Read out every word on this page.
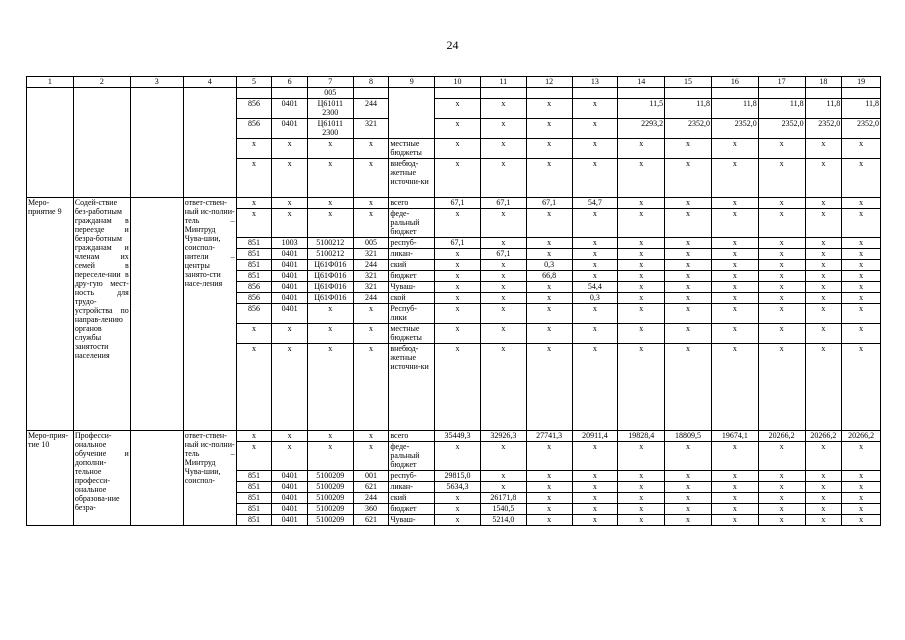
24
1	2	3	4	5	6	7	8	9	10	11	12	13	14	15	16	17	18	19
						005												
				856	0401	Ц61011 2300	244		x	x	x	x	11,5	11,8	11,8	11,8	11,8	11,8
				856	0401	Ц61011 2300	321		x	x	x	x	2293,2	2352,0	2352,0	2352,0	2352,0	2352,0
				x	x	x	x	местные бюджеты	x	x	x	x	x	x	x	x	x	x
				x	x	x	x	внебюд-жетные источни-ки	x	x	x	x	x	x	x	x	x	x
Меро-приятие 9	Содей-ствие без-работным гражданам в переезде и безра-ботным гражданам и членам их семей в переселе-нии в дру-гую мест-ность для трудо-устройства по направ-лению органов службы занятости населения		ответ-ствен-ный ис-полни-тель – Минтруд Чува-шии, соиспол-нители – центры занято-сти насе-ления	x	x	x	x	всего	67,1	67,1	67,1	54,7	x	x	x	x	x	x
				x	x	x	x	феде-ральный бюджет	x	x	x	x	x	x	x	x	x	x
				851	1003	5100212	005	респуб-	67,1	x	x	x	x	x	x	x	x	x
				851	0401	5100212	321	ликан-	x	67,1	x	x	x	x	x	x	x	x
				851	0401	Ц61Ф016	244	ский	x	x	0,3	x	x	x	x	x	x	x
				851	0401	Ц61Ф016	321	бюджет	x	x	66,8	x	x	x	x	x	x	x
				856	0401	Ц61Ф016	321	Чуваш-	x	x	x	54,4	x	x	x	x	x	x
				856	0401	Ц61Ф016	244	ской	x	x	x	0,3	x	x	x	x	x	x
				856	0401	x	x	Респуб-лики	x	x	x	x	x	x	x	x	x	x
				x	x	x	x	местные бюджеты	x	x	x	x	x	x	x	x	x	x
				x	x	x	x	внебюд-жетные источни-ки	x	x	x	x	x	x	x	x	x	x
Меро-прия-тие 10	Професси-ональное обучение и дополни-тельное професси-ональное образова-ние безра-		ответ-ствен-ный ис-полни-тель – Минтруд Чува-шии, соиспол-	x	x	x	x	всего	35449,3	32926,3	27741,3	20911,4	19828,4	18809,5	19674,1	20266,2	20266,2	20266,2
				x	x	x	x	феде-ральный бюджет	x	x	x	x	x	x	x	x	x	x
				851	0401	5100209	001	респуб-	29815,0	x	x	x	x	x	x	x	x	x
				851	0401	5100209	621	ликан-	5634,3	x	x	x	x	x	x	x	x	x
				851	0401	5100209	244	ский	x	26171,8	x	x	x	x	x	x	x	x
				851	0401	5100209	360	бюджет	x	1540,5	x	x	x	x	x	x	x	x
				851	0401	5100209	621	Чуваш-	x	5214,0	x	x	x	x	x	x	x	x
